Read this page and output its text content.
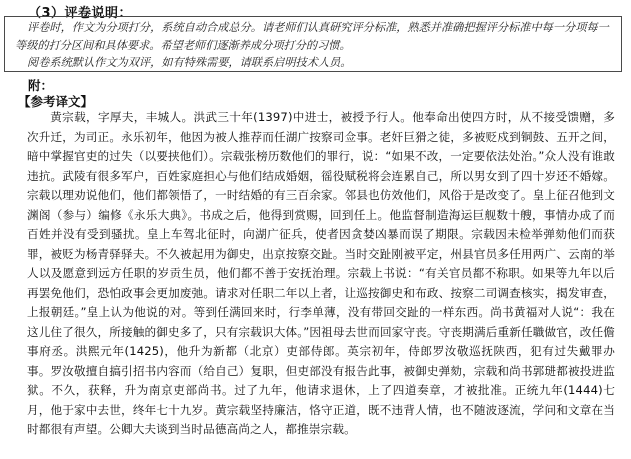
（3）评卷说明：

评卷时，作文为分项打分，系统自动合成总分。请老师们认真研究评分标准，熟悉并准确把握评分标准中每一分项每一等级的打分区间和具体要求。希望老师们逐渐养成分项打分的习惯。

阅卷系统默认作文为双评，如有特殊需要，请联系启明技术人员。

附：
【参考译文】

黄宗载，字厚夫，丰城人。洪武三十年(1397)中进士，被授予行人。他奉命出使四方时，从不接受馈赠，多次升迁，为司正。永乐初年，他因为被人推荐而任湖广按察司佥事。老奸巨猾之徒，多被贬戍到铜鼓、五开之间，暗中掌握官吏的过失（以要挟他们）。宗载张榜历数他们的罪行，说：“如果不改，一定要依法处治。”众人没有谁敢违抗。武陵有很多军户，百姓家庭担心与他们结成婚姻，徭役赋税将会连累自己，所以男女到了四十岁还不婚嫁。宗载以理劝说他们，他们都领悟了，一时结婚的有三百余家。邻县也仿效他们，风俗于是改变了。皇上征召他到文渊阁（参与）编修《永乐大典》。书成之后，他得到赏赐，回到任上。他监督制造海运巨舰数十艘，事情办成了而百姓并没有受到骚扰。皇上车驾北征时，向湖广征兵，使者因贪婪凶暴而误了期限。宗载因未检举弹劾他们而获罪，被贬为杨青驿驿夫。不久被起用为御史，出京按察交趾。当时交趾刚被平定，州县官员多任用两广、云南的举人以及愿意到远方任职的岁贡生员，他们都不善于安抚治理。宗载上书说：“有关官员都不称职。如果等九年以后再罢免他们，恐怕政事会更加废弛。请求对任职二年以上者，让巡按御史和布政、按察二司调查核实，揭发审查，上报朝廷。”皇上认为他说的对。等到任满回来时，行李单薄，没有带回交趾的一样东西。尚书黄福对人说“：我在这儿住了很久，所接触的御史多了，只有宗载识大体。”因祖母去世而回家守丧。守丧期满后重新任職做官，改任儋事府丞。洪熙元年(1425)，他升为新都（北京）吏部侍郎。英宗初年，侍郎罗汝敬巡抚陕西，犯有过失戴罪办事。罗汝敬擅自搞引招书内容而（给自己）复职，但吏部没有报告此事，被御史弹劾，宗载和尚书郭琎都被投进监狱。不久，获释，升为南京吏部尚书。过了九年，他请求退休，上了四道奏章，才被批准。正统九年(1444)七月，他于家中去世，终年七十九岁。黄宗载坚持廉洁，恪守正道，既不违背人情，也不随波逐流，学问和文章在当时都很有声望。公卿大夫谈到当时品德高尚之人，都推崇宗载。
